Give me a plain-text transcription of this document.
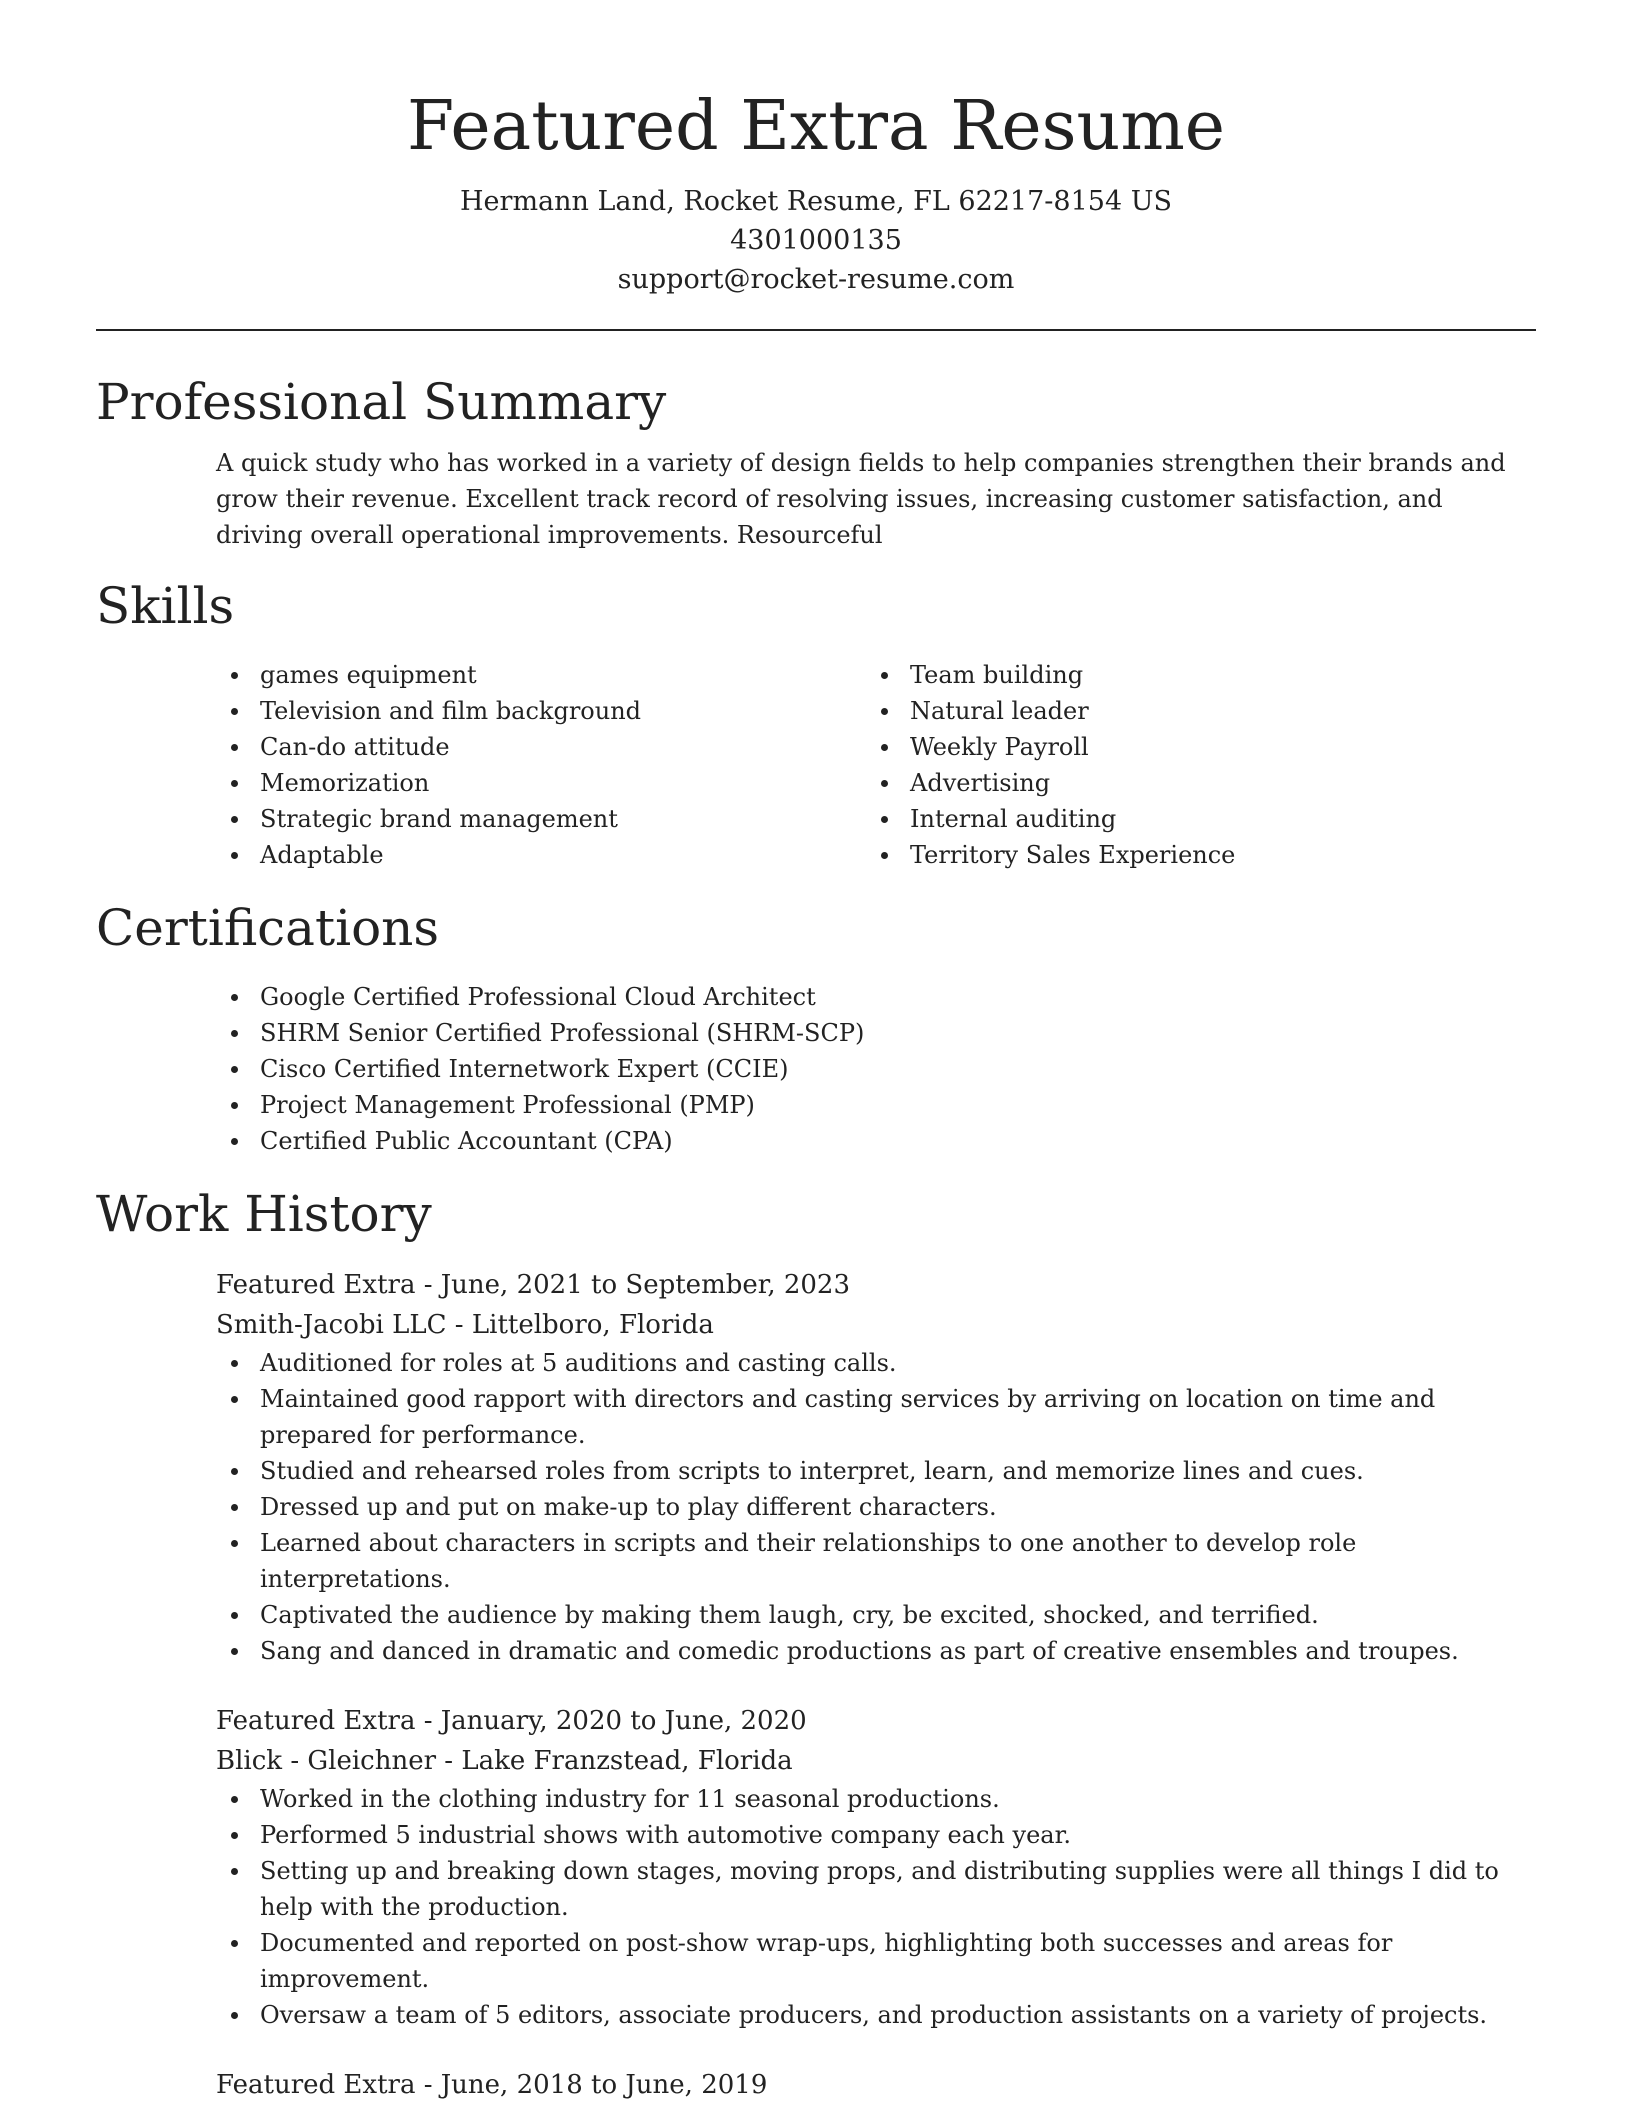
Featured Extra Resume
Hermann Land, Rocket Resume, FL 62217-8154 US
4301000135
support@rocket-resume.com
Professional Summary
A quick study who has worked in a variety of design fields to help companies strengthen their brands and grow their revenue. Excellent track record of resolving issues, increasing customer satisfaction, and driving overall operational improvements. Resourceful
Skills
games equipment
Television and film background
Can-do attitude
Memorization
Strategic brand management
Adaptable
Team building
Natural leader
Weekly Payroll
Advertising
Internal auditing
Territory Sales Experience
Certifications
Google Certified Professional Cloud Architect
SHRM Senior Certified Professional (SHRM-SCP)
Cisco Certified Internetwork Expert (CCIE)
Project Management Professional (PMP)
Certified Public Accountant (CPA)
Work History
Featured Extra - June, 2021 to September, 2023
Smith-Jacobi LLC - Littelboro, Florida
Auditioned for roles at 5 auditions and casting calls.
Maintained good rapport with directors and casting services by arriving on location on time and prepared for performance.
Studied and rehearsed roles from scripts to interpret, learn, and memorize lines and cues.
Dressed up and put on make-up to play different characters.
Learned about characters in scripts and their relationships to one another to develop role interpretations.
Captivated the audience by making them laugh, cry, be excited, shocked, and terrified.
Sang and danced in dramatic and comedic productions as part of creative ensembles and troupes.
Featured Extra - January, 2020 to June, 2020
Blick - Gleichner - Lake Franzstead, Florida
Worked in the clothing industry for 11 seasonal productions.
Performed 5 industrial shows with automotive company each year.
Setting up and breaking down stages, moving props, and distributing supplies were all things I did to help with the production.
Documented and reported on post-show wrap-ups, highlighting both successes and areas for improvement.
Oversaw a team of 5 editors, associate producers, and production assistants on a variety of projects.
Featured Extra - June, 2018 to June, 2019
